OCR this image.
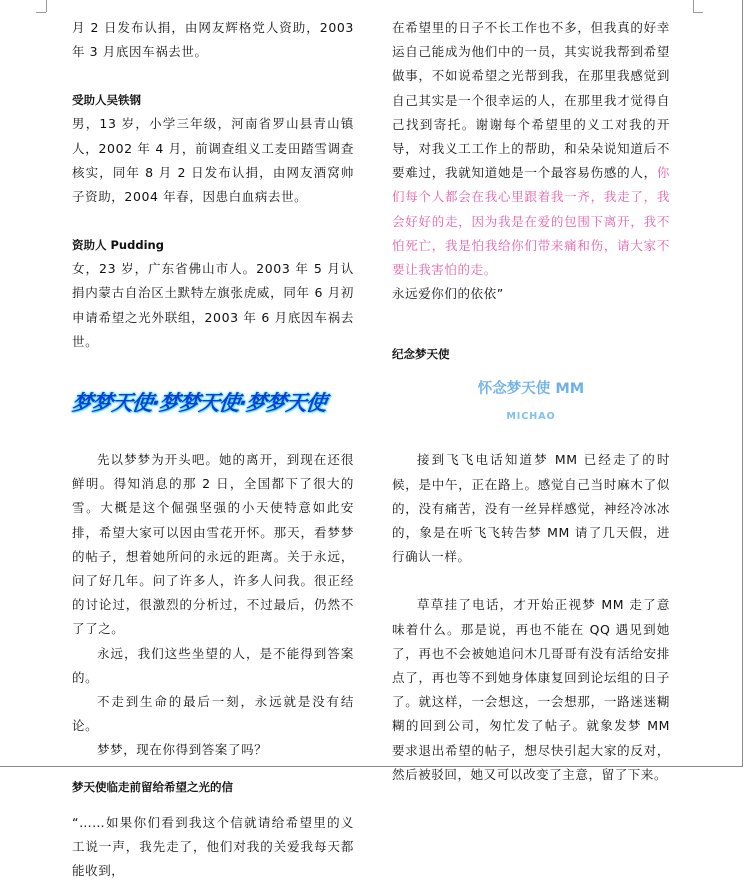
月 2 日发布认捐，由网友辉格党人资助，2003 年 3 月底因车祸去世。

受助人吴铁钢

男，13 岁，小学三年级，河南省罗山县青山镇人，2002 年 4 月，前调查组义工麦田踏雪调查核实，同年 8 月 2 日发布认捐，由网友酒窝帅子资助，2004 年春，因患白血病去世。

资助人 Pudding

女，23 岁，广东省佛山市人。2003 年 5 月认捐内蒙古自治区土默特左旗张虎威，同年 6 月初申请希望之光外联组，2003 年 6 月底因车祸去世。

梦梦天使·梦梦天使·梦梦天使

先以梦梦为开头吧。她的离开，到现在还很鲜明。得知消息的那 2 日，全国都下了很大的雪。大概是这个倔强坚强的小天使特意如此安排，希望大家可以因由雪花开怀。那天，看梦梦的帖子，想着她所问的永远的距离。关于永远，问了好几年。问了许多人，许多人问我。很正经的讨论过，很激烈的分析过，不过最后，仍然不了了之。

永远，我们这些坐望的人，是不能得到答案的。

不走到生命的最后一刻，永远就是没有结论。

梦梦，现在你得到答案了吗？

梦天使临走前留给希望之光的信

“……如果你们看到我这个信就请给希望里的义工说一声，我先走了，他们对我的关爱我每天都能收到，

在希望里的日子不长工作也不多，但我真的好幸运自己能成为他们中的一员，其实说我帮到希望做事，不如说希望之光帮到我，在那里我感觉到自己其实是一个很幸运的人，在那里我才觉得自己找到寄托。谢谢每个希望里的义工对我的开导，对我义工工作上的帮助，和朵朵说知道后不要难过，我就知道她是一个最容易伤感的人，你们每个人都会在我心里跟着我一齐，我走了，我会好好的走，因为我是在爱的包围下离开，我不怕死亡，我是怕我给你们带来痛和伤，请大家不要让我害怕的走。

永远爱你们的依依”

纪念梦天使

怀念梦天使 MM

MICHAO

接到飞飞电话知道梦 MM 已经走了的时候，是中午，正在路上。感觉自己当时麻木了似的，没有痛苦，没有一丝异样感觉，神经冷冰冰的，象是在听飞飞转告梦 MM 请了几天假，进行确认一样。

草草挂了电话，才开始正视梦 MM 走了意味着什么。那是说，再也不能在 QQ 遇见到她了，再也不会被她追问木几哥哥有没有活给安排点了，再也等不到她身体康复回到论坛组的日子了。就这样，一会想这，一会想那，一路迷迷糊糊的回到公司，匆忙发了帖子。就象发梦 MM 要求退出希望的帖子，想尽快引起大家的反对，然后被驳回，她又可以改变了主意，留了下来。
